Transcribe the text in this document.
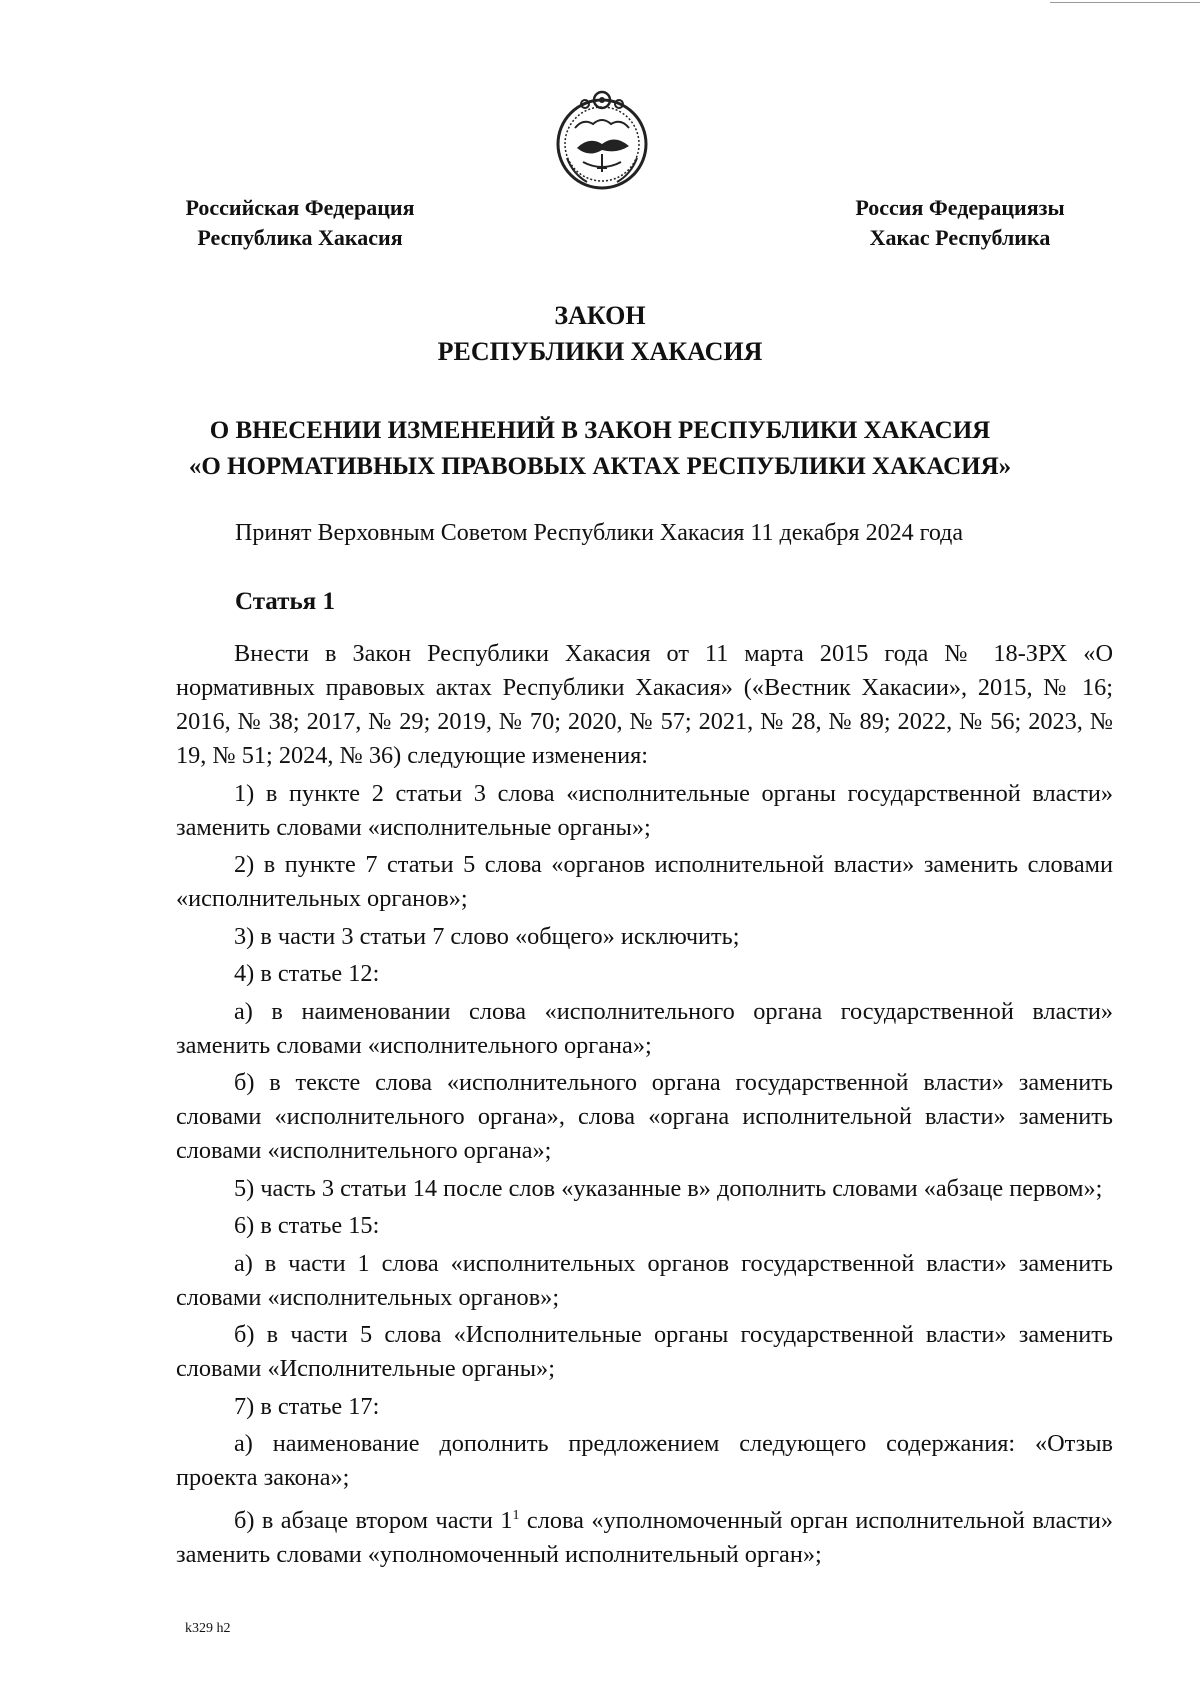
Российская Федерация
Республика Хакасия
Россия Федерациязы
Хакас Республика
ЗАКОН
РЕСПУБЛИКИ ХАКАСИЯ
О ВНЕСЕНИИ ИЗМЕНЕНИЙ В ЗАКОН РЕСПУБЛИКИ ХАКАСИЯ
«О НОРМАТИВНЫХ ПРАВОВЫХ АКТАХ РЕСПУБЛИКИ ХАКАСИЯ»
Принят Верховным Советом Республики Хакасия 11 декабря 2024 года
Статья 1

Внести в Закон Республики Хакасия от 11 марта 2015 года № 18-ЗРХ «О нормативных правовых актах Республики Хакасия» («Вестник Хакасии», 2015, № 16; 2016, № 38; 2017, № 29; 2019, № 70; 2020, № 57; 2021, № 28, № 89; 2022, № 56; 2023, № 19, № 51; 2024, № 36) следующие изменения:

1) в пункте 2 статьи 3 слова «исполнительные органы государственной власти» заменить словами «исполнительные органы»;

2) в пункте 7 статьи 5 слова «органов исполнительной власти» заменить словами «исполнительных органов»;

3) в части 3 статьи 7 слово «общего» исключить;

4) в статье 12:

а) в наименовании слова «исполнительного органа государственной власти» заменить словами «исполнительного органа»;

б) в тексте слова «исполнительного органа государственной власти» заменить словами «исполнительного органа», слова «органа исполнительной власти» заменить словами «исполнительного органа»;

5) часть 3 статьи 14 после слов «указанные в» дополнить словами «абзаце первом»;

6) в статье 15:

а) в части 1 слова «исполнительных органов государственной власти» заменить словами «исполнительных органов»;

б) в части 5 слова «Исполнительные органы государственной власти» заменить словами «Исполнительные органы»;

7) в статье 17:

а) наименование дополнить предложением следующего содержания: «Отзыв проекта закона»;

б) в абзаце втором части $1^1$ слова «уполномоченный орган исполнительной власти» заменить словами «уполномоченный исполнительный орган»;

k329 h2
